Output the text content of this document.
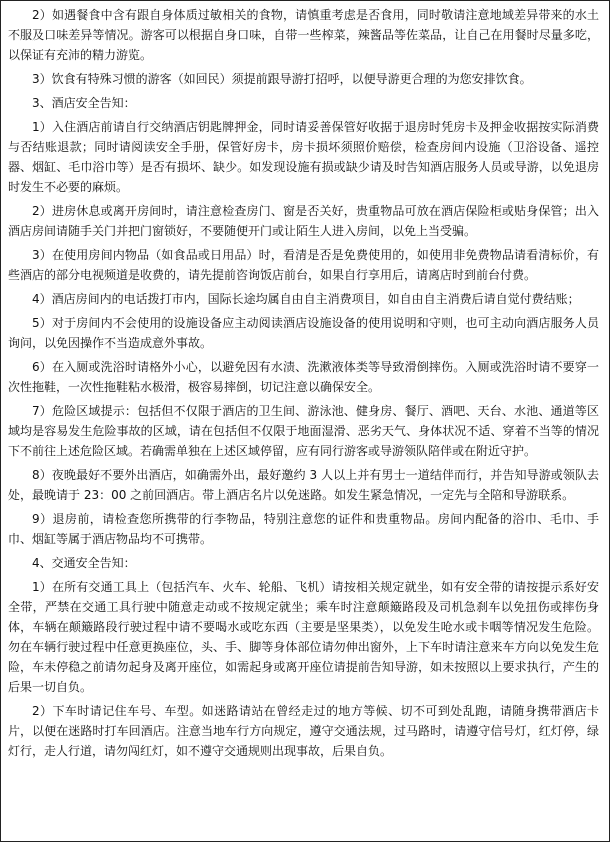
2）如遇餐食中含有跟自身体质过敏相关的食物，请慎重考虑是否食用，同时敬请注意地域差异带来的水土不服及口味差异等情况。游客可以根据自身口味，自带一些榨菜，辣酱品等佐菜品，让自己在用餐时尽量多吃，以保证有充沛的精力游览。

3）饮食有特殊习惯的游客（如回民）须提前跟导游打招呼，以便导游更合理的为您安排饮食。

3、酒店安全告知：

1）入住酒店前请自行交纳酒店钥匙牌押金，同时请妥善保管好收据于退房时凭房卡及押金收据按实际消费与否结账退款；同时请阅读安全手册，保管好房卡，房卡损坏须照价赔偿，检查房间内设施（卫浴设备、遥控器、烟缸、毛巾浴巾等）是否有损坏、缺少。如发现设施有损或缺少请及时告知酒店服务人员或导游，以免退房时发生不必要的麻烦。

2）进房休息或离开房间时，请注意检查房门、窗是否关好，贵重物品可放在酒店保险柜或贴身保管；出入酒店房间请随手关门并把门窗锁好，不要随便开门或让陌生人进入房间，以免上当受骗。

3）在使用房间内物品（如食品或日用品）时，看清是否是免费使用的，如使用非免费物品请看清标价，有些酒店的部分电视频道是收费的，请先提前咨询饭店前台，如果自行享用后，请离店时到前台付费。

4）酒店房间内的电话拨打市内，国际长途均属自由自主消费项目，如自由自主消费后请自觉付费结账；

5）对于房间内不会使用的设施设备应主动阅读酒店设施设备的使用说明和守则，也可主动向酒店服务人员询问，以免因操作不当造成意外事故。

6）在入厕或洗浴时请格外小心，以避免因有水渍、洗漱液体类等导致滑倒摔伤。入厕或洗浴时请不要穿一次性拖鞋，一次性拖鞋粘水极滑，极容易摔倒，切记注意以确保安全。

7）危险区域提示：包括但不仅限于酒店的卫生间、游泳池、健身房、餐厅、酒吧、天台、水池、通道等区域均是容易发生危险事故的区域，请在包括但不仅限于地面湿滑、恶劣天气、身体状况不适、穿着不当等的情况下不前往上述危险区域。若确需单独在上述区域停留，应有同行游客或导游领队陪伴或在附近守护。

8）夜晚最好不要外出酒店，如确需外出，最好邀约 3 人以上并有男士一道结伴而行，并告知导游或领队去处，最晚请于 23：00 之前回酒店。带上酒店名片以免迷路。如发生紧急情况，一定先与全陪和导游联系。

9）退房前，请检查您所携带的行李物品，特别注意您的证件和贵重物品。房间内配备的浴巾、毛巾、手巾、烟缸等属于酒店物品均不可携带。

4、交通安全告知：

1）在所有交通工具上（包括汽车、火车、轮船、飞机）请按相关规定就坐，如有安全带的请按提示系好安全带，严禁在交通工具行驶中随意走动或不按规定就坐；乘车时注意颠簸路段及司机急刹车以免扭伤或摔伤身体，车辆在颠簸路段行驶过程中请不要喝水或吃东西（主要是坚果类），以免发生呛水或卡咽等情况发生危险。勿在车辆行驶过程中任意更换座位，头、手、脚等身体部位请勿伸出窗外，上下车时请注意来车方向以免发生危险，车未停稳之前请勿起身及离开座位，如需起身或离开座位请提前告知导游，如未按照以上要求执行，产生的后果一切自负。

2）下车时请记住车号、车型。如迷路请站在曾经走过的地方等候、切不可到处乱跑，请随身携带酒店卡片，以便在迷路时打车回酒店。注意当地车行方向规定，遵守交通法规，过马路时，请遵守信号灯，红灯停，绿灯行，走人行道，请勿闯红灯，如不遵守交通规则出现事故，后果自负。
